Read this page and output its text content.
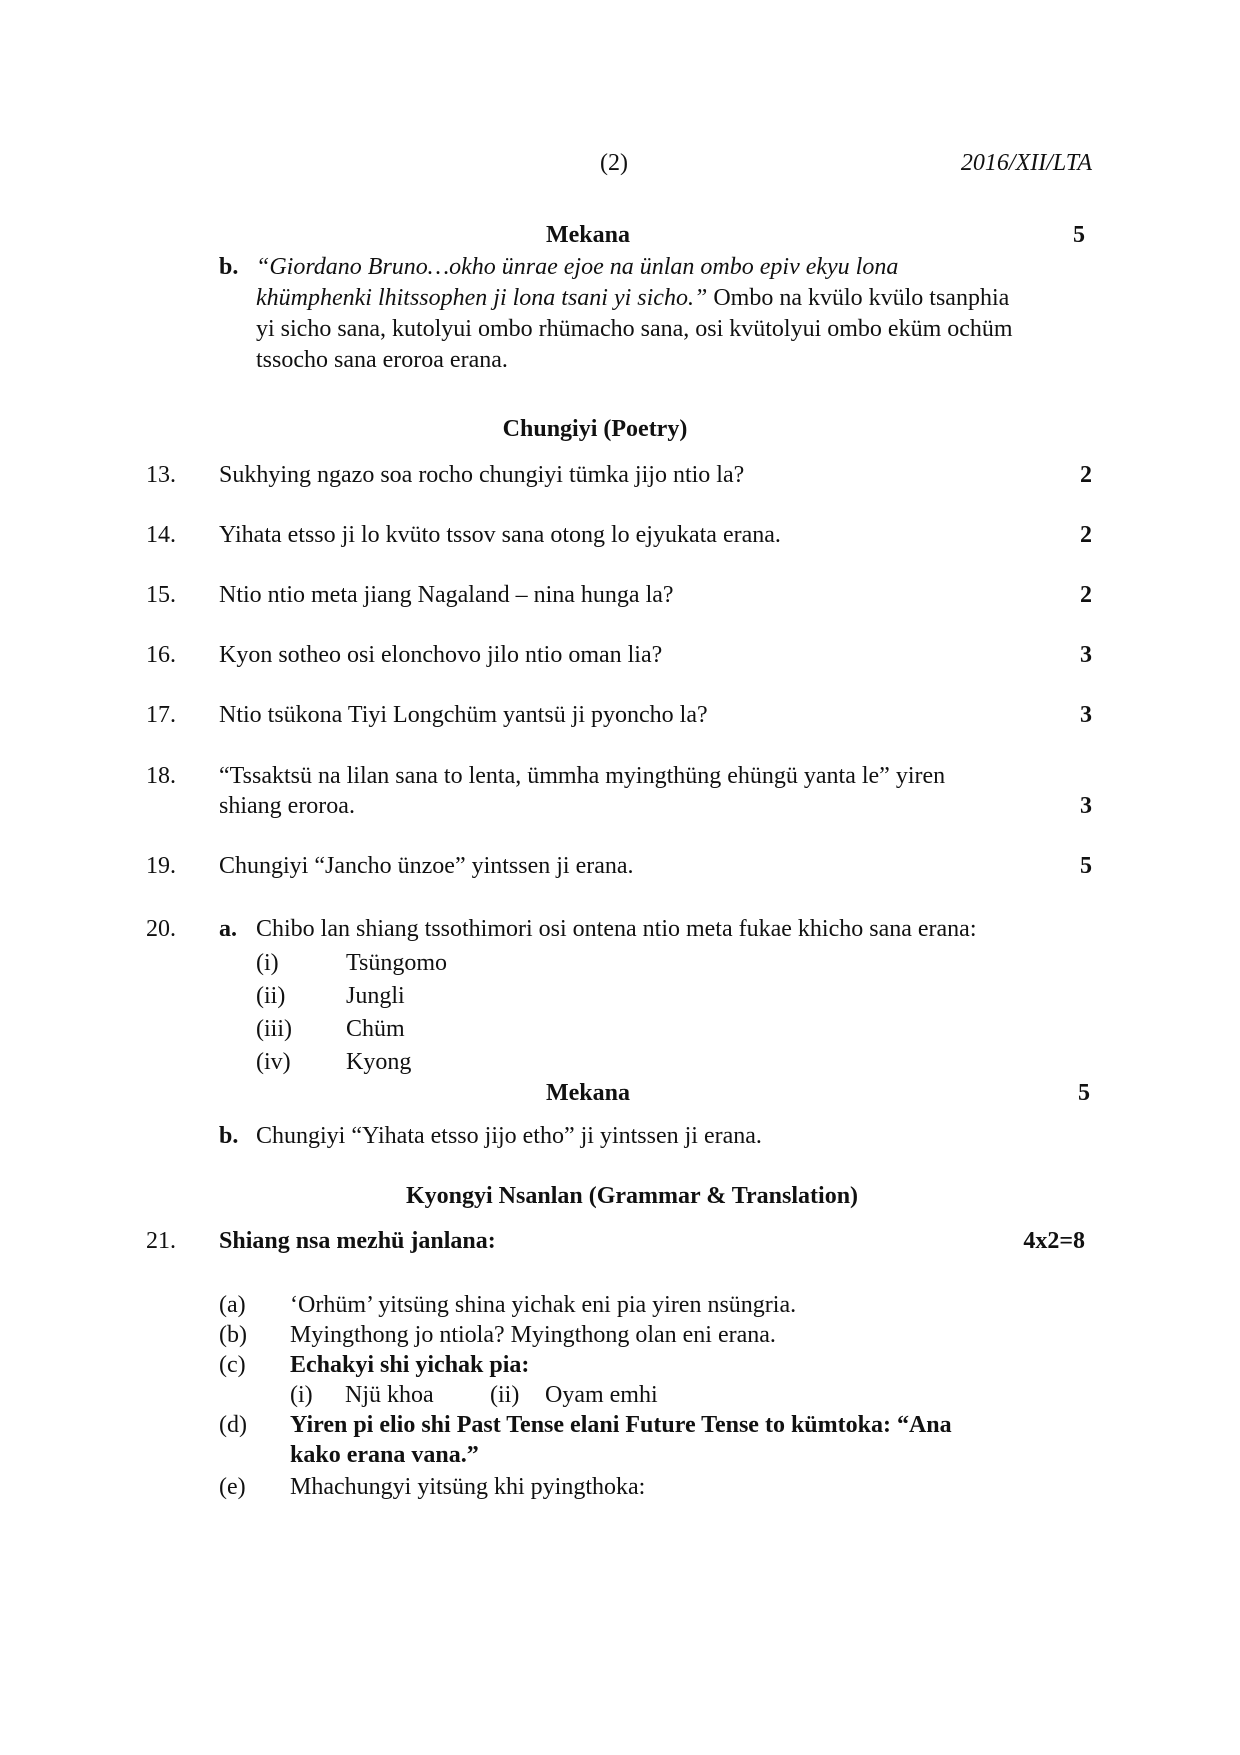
(2)	2016/XII/LTA
Mekana	5
b. “Giordano Bruno…okho ünrae ejoe na ünlan ombo epiv ekyu lona
khümphenki lhitssophen ji lona tsani yi sicho.” Ombo na kvülo kvülo tsanphia
yi sicho sana, kutolyui ombo rhümacho sana, osi kvütolyui ombo eküm ochüm
tssocho sana eroroa erana.
Chungiyi (Poetry)
13. Sukhying ngazo soa rocho chungiyi tümka jijo ntio la?	2
14. Yihata etsso ji lo kvüto tssov sana otong lo ejyukata erana.	2
15. Ntio ntio meta jiang Nagaland – nina hunga la?	2
16. Kyon sotheo osi elonchovo jilo ntio oman lia?	3
17. Ntio tsükona Tiyi Longchüm yantsü ji pyoncho la?	3
18. “Tssaktsü na lilan sana to lenta, ümmha myingthüng ehüngü yanta le” yiren
shiang eroroa.	3
19. Chungiyi “Jancho ünzoe” yintssen ji erana.	5
20. a. Chibo lan shiang tssothimori osi ontena ntio meta fukae khicho sana erana:
(i)	Tsüngomo
(ii)	Jungli
(iii) Chüm
(iv) Kyong
Mekana	5
b. Chungiyi “Yihata etsso jijo etho” ji yintssen ji erana.
Kyongyi Nsanlan (Grammar & Translation)
21. Shiang nsa mezhü janlana:	4x2=8
(a) ‘Orhüm’ yitsüng shina yichak eni pia yiren nsüngria.
(b) Myingthong jo ntiola? Myingthong olan eni erana.
(c) Echakyi shi yichak pia:
(i) Njü khoa (ii) Oyam emhi
(d) Yiren pi elio shi Past Tense elani Future Tense to kümtoka: “Ana
kako erana vana.”
(e) Mhachungyi yitsüng khi pyingthoka:
